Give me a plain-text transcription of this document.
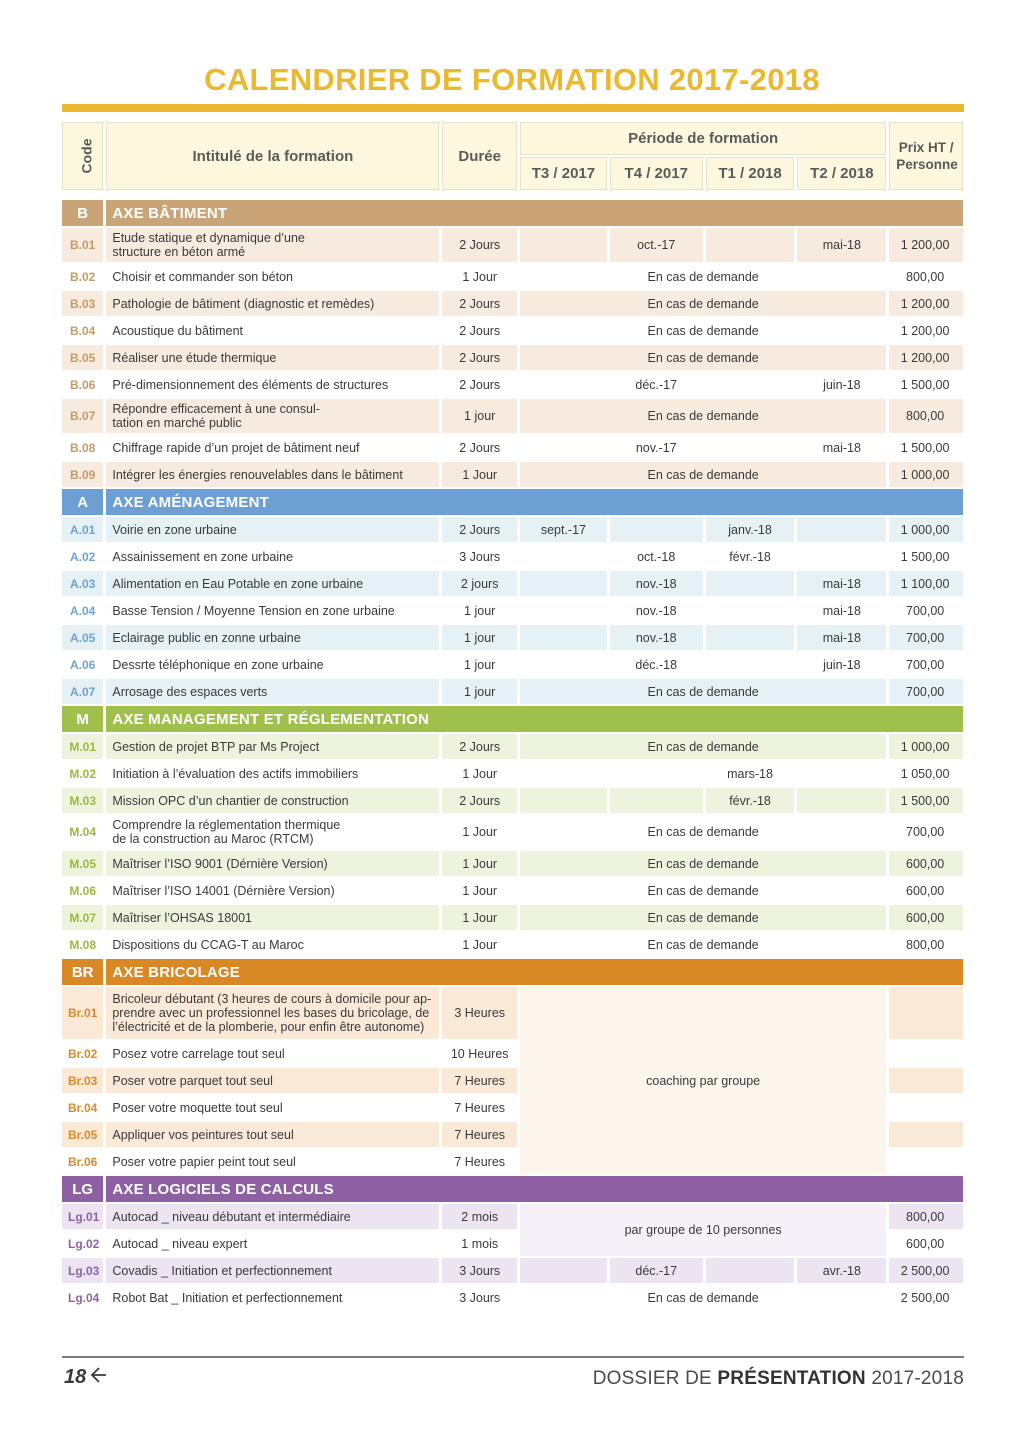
CALENDRIER DE FORMATION 2017-2018
Code	Intitulé de la formation	Durée	Période de formation				Prix HT /
Personne
			T3 / 2017	T4 / 2017	T1 / 2018	T2 / 2018	

B	AXE BÂTIMENT						
B.01	Etude statique et dynamique d’une
structure en béton armé	2 Jours		oct.-17		mai-18	1 200,00
B.02	Choisir et commander son béton	1 Jour	En cas de demande				800,00
B.03	Pathologie de bâtiment (diagnostic et remèdes)	2 Jours	En cas de demande				1 200,00
B.04	Acoustique du bâtiment	2 Jours	En cas de demande				1 200,00
B.05	Réaliser une étude thermique	2 Jours	En cas de demande				1 200,00
B.06	Pré-dimensionnement des éléments de structures	2 Jours		déc.-17		juin-18	1 500,00
B.07	Répondre efficacement à une consul-
tation en marché public	1 jour	En cas de demande				800,00
B.08	Chiffrage rapide d’un projet de bâtiment neuf	2 Jours		nov.-17		mai-18	1 500,00
B.09	Intégrer les énergies renouvelables dans le bâtiment	1 Jour	En cas de demande				1 000,00
A	AXE AMÉNAGEMENT						
A.01	Voirie en zone urbaine	2 Jours	sept.-17		janv.-18		1 000,00
A.02	Assainissement en zone urbaine	3 Jours		oct.-18	févr.-18		1 500,00
A.03	Alimentation en Eau Potable en zone urbaine	2 jours		nov.-18		mai-18	1 100,00
A.04	Basse Tension / Moyenne Tension en zone urbaine	1 jour		nov.-18		mai-18	700,00
A.05	Eclairage public en zonne urbaine	1 jour		nov.-18		mai-18	700,00
A.06	Dessrte téléphonique en zone urbaine	1 jour		déc.-18		juin-18	700,00
A.07	Arrosage des espaces verts	1 jour	En cas de demande				700,00
M	AXE MANAGEMENT ET RÉGLEMENTATION						
M.01	Gestion de projet BTP par Ms Project	2 Jours	En cas de demande				1 000,00
M.02	Initiation à l’évaluation des actifs immobiliers	1 Jour			mars-18		1 050,00
M.03	Mission OPC d’un chantier de construction	2 Jours			févr.-18		1 500,00
M.04	Comprendre la réglementation thermique
de la construction au Maroc (RTCM)	1 Jour	En cas de demande				700,00
M.05	Maîtriser l’ISO 9001 (Dérnière Version)	1 Jour	En cas de demande				600,00
M.06	Maîtriser l’ISO 14001 (Dérnière Version)	1 Jour	En cas de demande				600,00
M.07	Maîtriser l’OHSAS 18001	1 Jour	En cas de demande				600,00
M.08	Dispositions du CCAG-T au Maroc	1 Jour	En cas de demande				800,00
BR	AXE BRICOLAGE						
Br.01	Bricoleur débutant (3 heures de cours à domicile pour ap-
prendre avec un professionnel les bases du bricolage, de
l’électricité et de la plomberie, pour enfin être autonome)	3 Heures	coaching par groupe				
Br.02	Posez votre carrelage tout seul	10 Heures					
Br.03	Poser votre parquet tout seul	7 Heures					
Br.04	Poser votre moquette tout seul	7 Heures					
Br.05	Appliquer vos peintures tout seul	7 Heures					
Br.06	Poser votre papier peint tout seul	7 Heures					
LG	AXE LOGICIELS DE CALCULS						
Lg.01	Autocad _ niveau débutant et intermédiaire	2 mois	par groupe de 10 personnes				800,00
Lg.02	Autocad _ niveau expert	1 mois					600,00
Lg.03	Covadis _ Initiation et perfectionnement	3 Jours		déc.-17		avr.-18	2 500,00
Lg.04	Robot Bat _ Initiation et perfectionnement	3 Jours	En cas de demande				2 500,00
18	DOSSIER DE PRÉSENTATION 2017-2018
